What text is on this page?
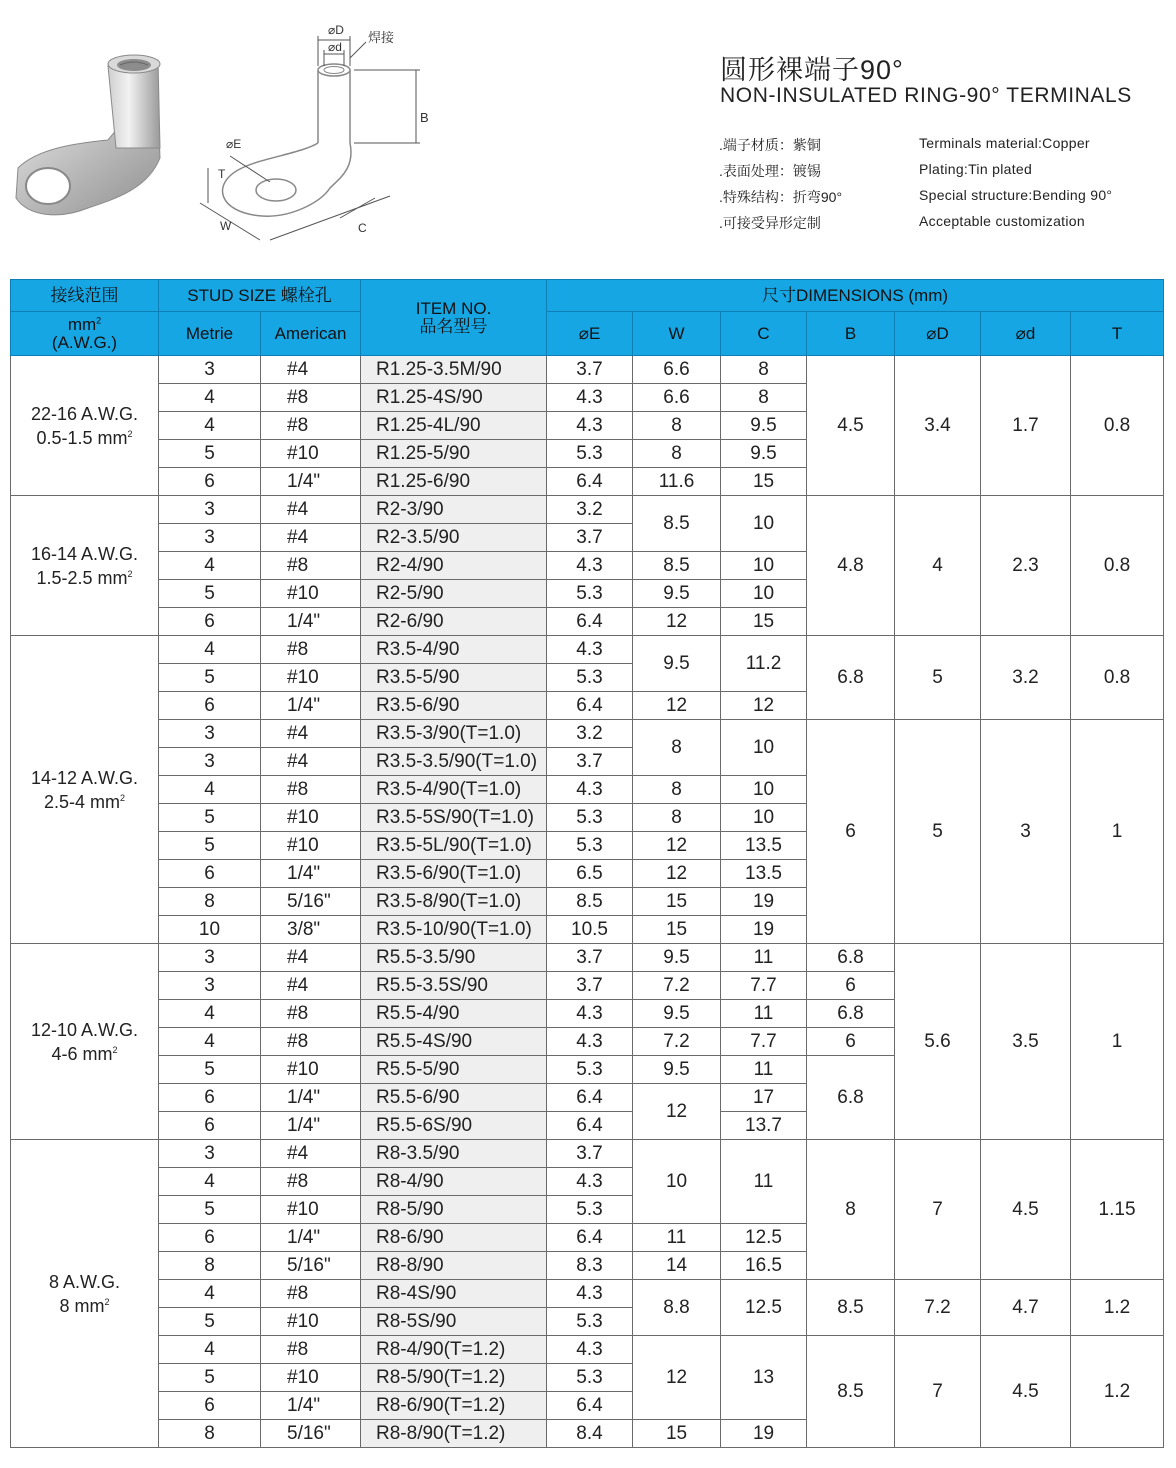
⌀D
⌀d
焊接
B
⌀E
T
W	C
圆形裸端子90°
NON-INSULATED RING-90° TERMINALS
.端子材质：紫铜	Terminals material:Copper
.表面处理：镀锡	Plating:Tin plated
.特殊结构：折弯90°	Special structure:Bending 90°
.可接受异形定制	Acceptable customization
接线范围	STUD SIZE 螺栓孔		ITEM NO.
品名型号	尺寸DIMENSIONS (mm)						

$mm^2$
(A.W.G.)	Metrie	American		⌀E	W	C	B	⌀D	⌀d	T

22-16 A.W.G.
0.5-1.5 $mm^2$	3	#4	R1.25-3.5M/90	3.7	6.6	8	4.5	3.4	1.7	0.8
	4	#8	R1.25-4S/90	4.3	6.6	8				
	4	#8	R1.25-4L/90	4.3	8	9.5				
	5	#10	R1.25-5/90	5.3	8	9.5				
	6	1/4"	R1.25-6/90	6.4	11.6	15				

16-14 A.W.G.
1.5-2.5 $mm^2$	3	#4	R2-3/90	3.2	8.5	10	4.8	4	2.3	0.8
	3	#4	R2-3.5/90	3.7						
	4	#8	R2-4/90	4.3	8.5	10				
	5	#10	R2-5/90	5.3	9.5	10				
	6	1/4"	R2-6/90	6.4	12	15				

14-12 A.W.G.
2.5-4 $mm^2$	4	#8	R3.5-4/90	4.3	9.5	11.2	6.8	5	3.2	0.8
	5	#10	R3.5-5/90	5.3						
	6	1/4"	R3.5-6/90	6.4	12	12				
	3	#4	R3.5-3/90(T=1.0)	3.2	8	10	6	5	3	1
	3	#4	R3.5-3.5/90(T=1.0)	3.7						
	4	#8	R3.5-4/90(T=1.0)	4.3	8	10				
	5	#10	R3.5-5S/90(T=1.0)	5.3	8	10				
	5	#10	R3.5-5L/90(T=1.0)	5.3	12	13.5				
	6	1/4"	R3.5-6/90(T=1.0)	6.5	12	13.5				
	8	5/16"	R3.5-8/90(T=1.0)	8.5	15	19				
	10	3/8"	R3.5-10/90(T=1.0)	10.5	15	19				

12-10 A.W.G.
4-6 $mm^2$	3	#4	R5.5-3.5/90	3.7	9.5	11	6.8	5.6	3.5	1
	3	#4	R5.5-3.5S/90	3.7	7.2	7.7	6			
	4	#8	R5.5-4/90	4.3	9.5	11	6.8			
	4	#8	R5.5-4S/90	4.3	7.2	7.7	6			
	5	#10	R5.5-5/90	5.3	9.5	11	6.8			
	6	1/4"	R5.5-6/90	6.4	12	17				
	6	1/4"	R5.5-6S/90	6.4		13.7				

8 A.W.G.
8 $mm^2$	3	#4	R8-3.5/90	3.7	10	11	8	7	4.5	1.15
	4	#8	R8-4/90	4.3						
	5	#10	R8-5/90	5.3						
	6	1/4"	R8-6/90	6.4	11	12.5				
	8	5/16"	R8-8/90	8.3	14	16.5				
	4	#8	R8-4S/90	4.3	8.8	12.5	8.5	7.2	4.7	1.2
	5	#10	R8-5S/90	5.3						
	4	#8	R8-4/90(T=1.2)	4.3	12	13	8.5	7	4.5	1.2
	5	#10	R8-5/90(T=1.2)	5.3						
	6	1/4"	R8-6/90(T=1.2)	6.4						
	8	5/16"	R8-8/90(T=1.2)	8.4	15	19				
